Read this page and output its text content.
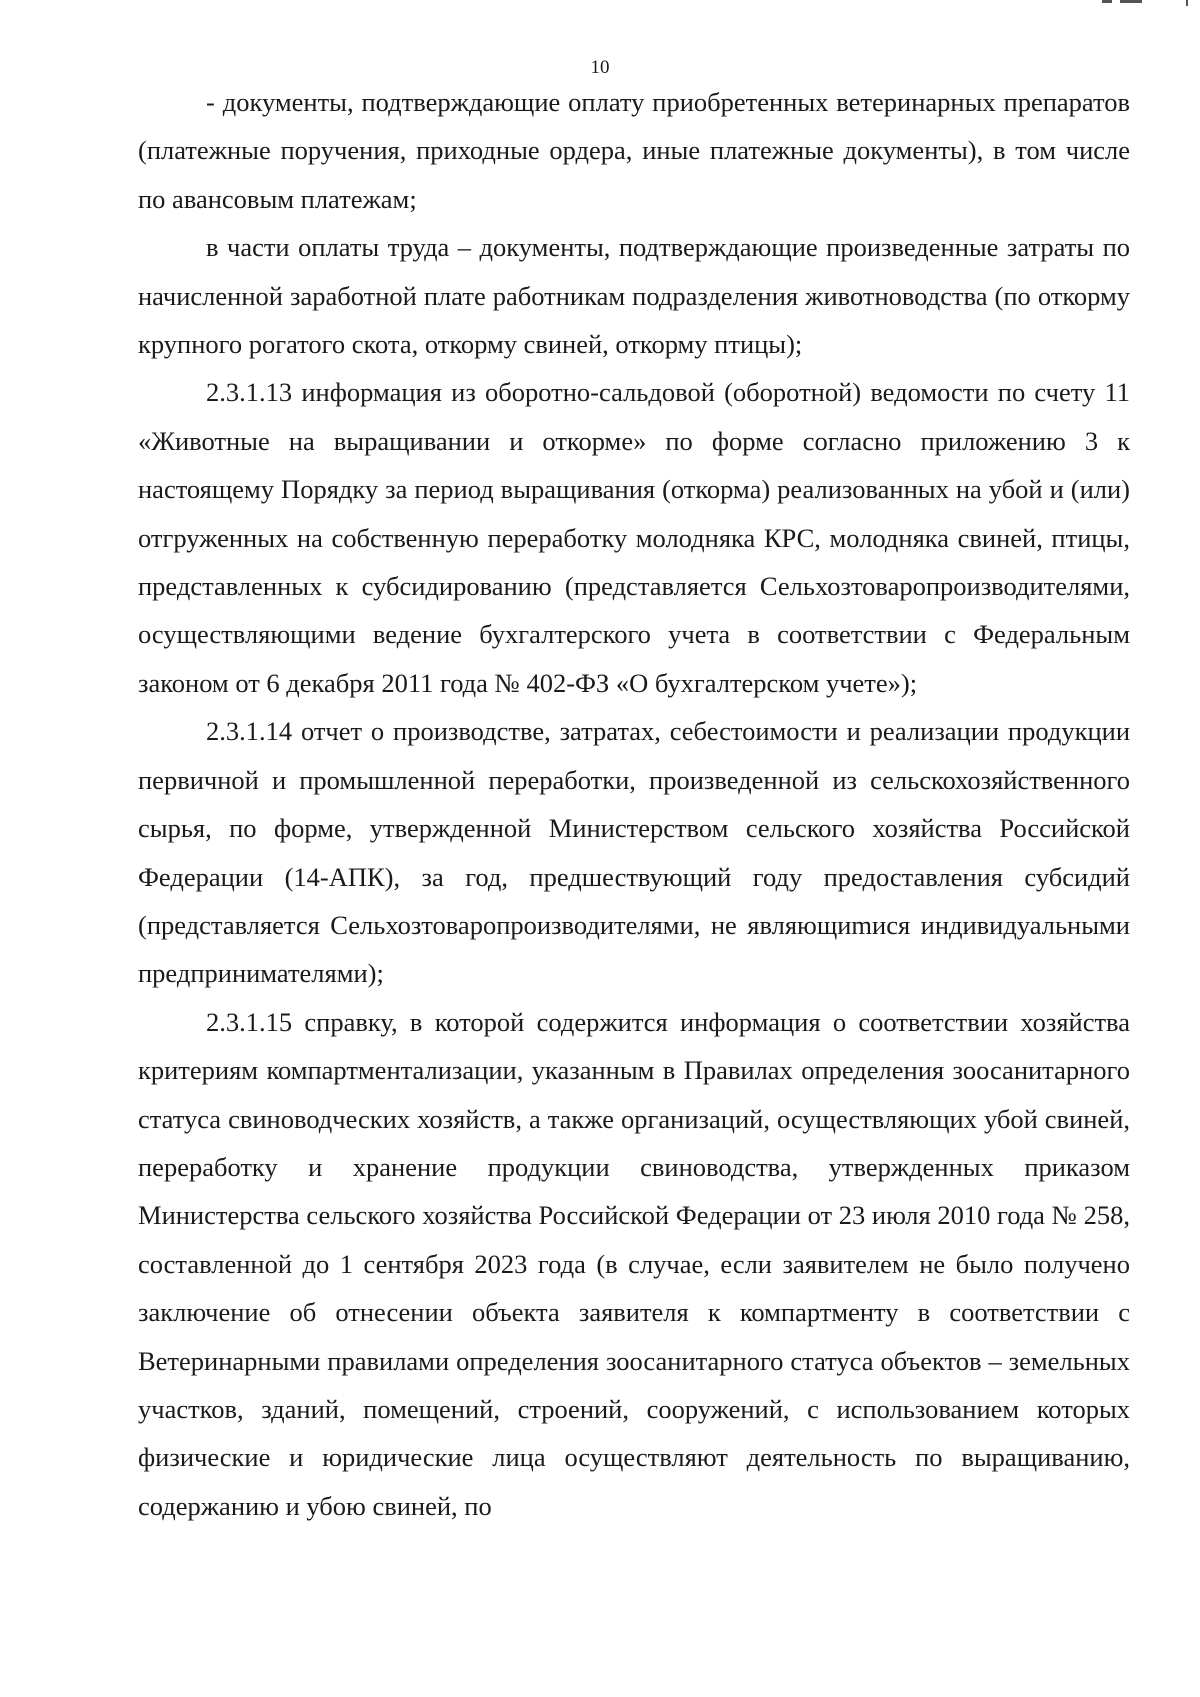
10

- документы, подтверждающие оплату приобретенных ветеринарных препаратов (платежные поручения, приходные ордера, иные платежные документы), в том числе по авансовым платежам;

в части оплаты труда – документы, подтверждающие произведенные затраты по начисленной заработной плате работникам подразделения животноводства (по откорму крупного рогатого скота, откорму свиней, откорму птицы);

2.3.1.13 информация из оборотно-сальдовой (оборотной) ведомости по счету 11 «Животные на выращивании и откорме» по форме согласно приложению 3 к настоящему Порядку за период выращивания (откорма) реализованных на убой и (или) отгруженных на собственную переработку молодняка КРС, молодняка свиней, птицы, представленных к субсидированию (представляется Сельхозтоваропроизводителями, осуществляющими ведение бухгалтерского учета в соответствии с Федеральным законом от 6 декабря 2011 года № 402-ФЗ «О бухгалтерском учете»);

2.3.1.14 отчет о производстве, затратах, себестоимости и реализации продукции первичной и промышленной переработки, произведенной из сельскохозяйственного сырья, по форме, утвержденной Министерством сельского хозяйства Российской Федерации (14-АПК), за год, предшествующий году предоставления субсидий (представляется Сельхозтоваропроизводителями, не являющиmися индивидуальными предпринимателями);

2.3.1.15 справку, в которой содержится информация о соответствии хозяйства критериям компартментализации, указанным в Правилах определения зоосанитарного статуса свиноводческих хозяйств, а также организаций, осуществляющих убой свиней, переработку и хранение продукции свиноводства, утвержденных приказом Министерства сельского хозяйства Российской Федерации от 23 июля 2010 года № 258, составленной до 1 сентября 2023 года (в случае, если заявителем не было получено заключение об отнесении объекта заявителя к компартменту в соответствии с Ветеринарными правилами определения зоосанитарного статуса объектов – земельных участков, зданий, помещений, строений, сооружений, с использованием которых физические и юридические лица осуществляют деятельность по выращиванию, содержанию и убою свиней, по
